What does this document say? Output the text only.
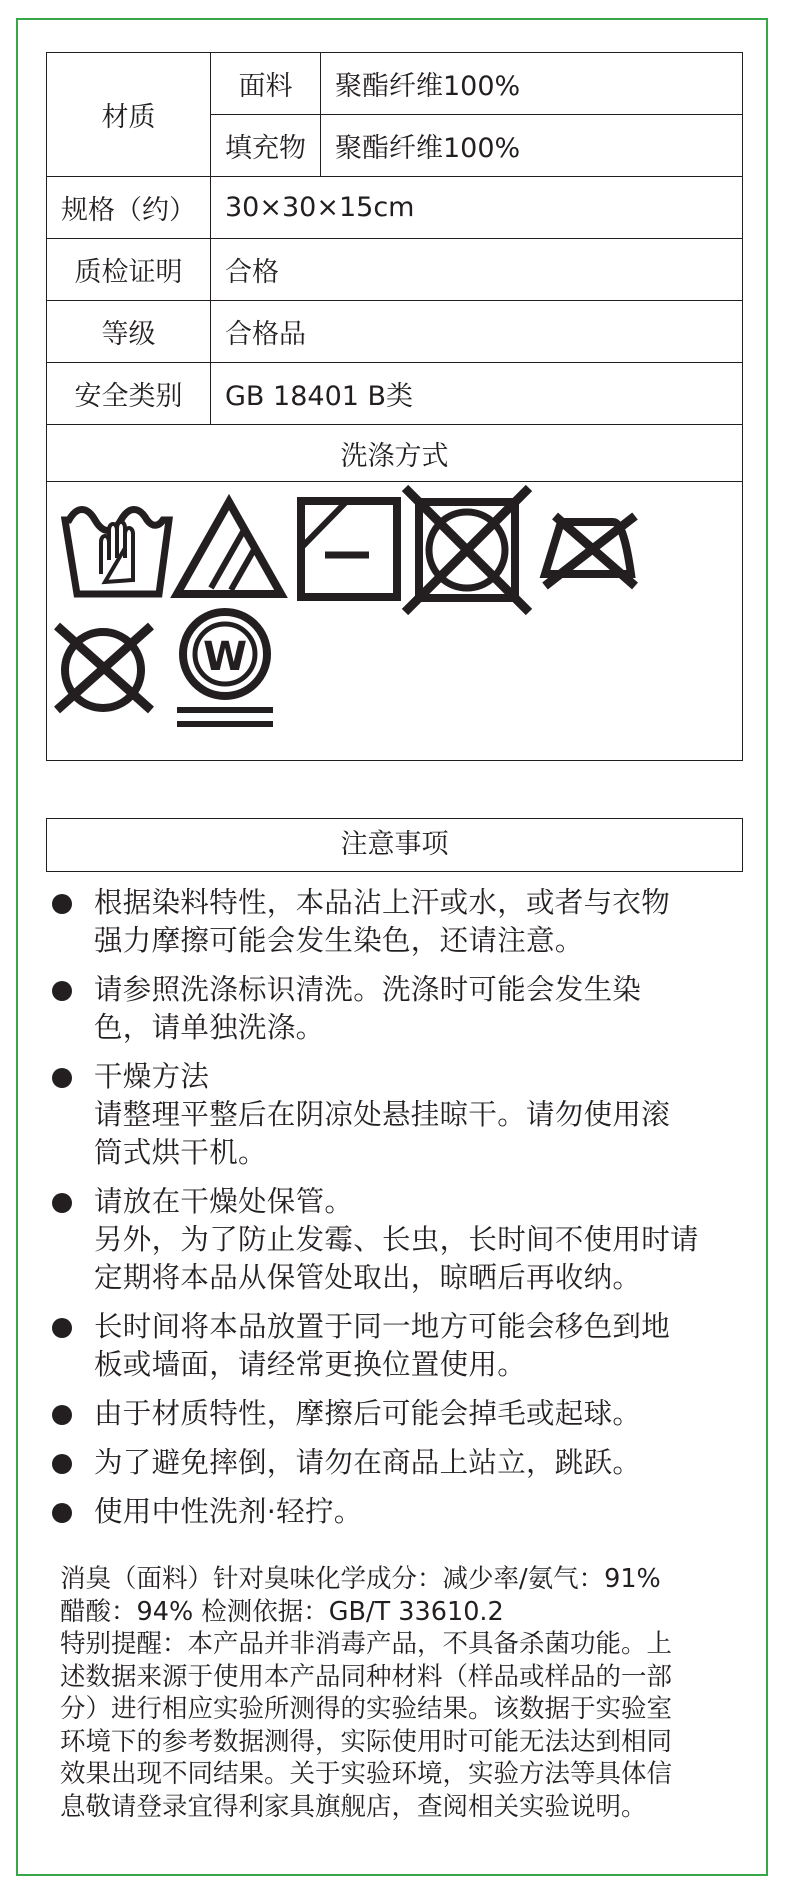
材质	面料	聚酯纤维100%
	填充物	聚酯纤维100%
规格（约）	30×30×15cm	
质检证明	合格	
等级	合格品	
安全类别	GB 18401 B类	
洗涤方式		

W		
注意事项
根据染料特性，本品沾上汗或水，或者与衣物
强力摩擦可能会发生染色，还请注意。
请参照洗涤标识清洗。洗涤时可能会发生染
色，请单独洗涤。
干燥方法
请整理平整后在阴凉处悬挂晾干。请勿使用滚
筒式烘干机。
请放在干燥处保管。
另外，为了防止发霉、长虫，长时间不使用时请
定期将本品从保管处取出，晾晒后再收纳。
长时间将本品放置于同一地方可能会移色到地
板或墙面，请经常更换位置使用。
由于材质特性，摩擦后可能会掉毛或起球。
为了避免摔倒，请勿在商品上站立，跳跃。
使用中性洗剂·轻拧。
消臭（面料）针对臭味化学成分：减少率/氨气：91%
醋酸：94% 检测依据：GB/T 33610.2
特别提醒：本产品并非消毒产品，不具备杀菌功能。上
述数据来源于使用本产品同种材料（样品或样品的一部
分）进行相应实验所测得的实验结果。该数据于实验室
环境下的参考数据测得，实际使用时可能无法达到相同
效果出现不同结果。关于实验环境，实验方法等具体信
息敬请登录宜得利家具旗舰店，查阅相关实验说明。
